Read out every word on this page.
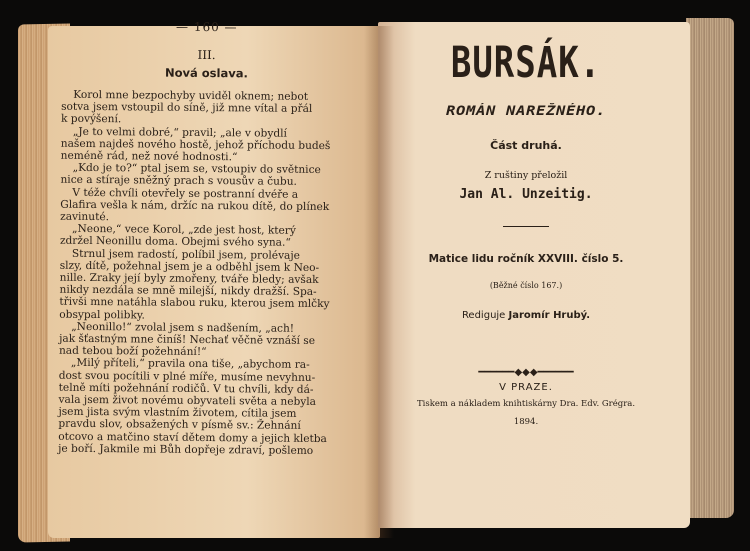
— 160 —
III.
Nová oslava.
Korol mne bezpochyby uviděl oknem; nebot
sotva jsem vstoupil do síně, již mne vítal a přál
k povýšení.
„Je to velmi dobré,“ pravil; „ale v obydlí
našem najdeš nového hostě, jehož příchodu budeš
neméně rád, než nové hodnosti.“
„Kdo je to?“ ptal jsem se, vstoupiv do světnice
nice a stíraje sněžný prach s vousův a čubu.
V téže chvíli otevřely se postranní dvéře a
Glafira vešla k nám, držíc na rukou dítě, do plínek
zavinuté.
„Neone,“ vece Korol, „zde jest host, který
zdržel Neonillu doma. Obejmi svého syna.“
Strnul jsem radostí, políbil jsem, prolévaje
slzy, dítě, požehnal jsem je a odběhl jsem k Neo-
nille. Zraky její byly zmořeny, tváře bledy; avšak
nikdy nezdála se mně milejší, nikdy dražší. Spa-
třivši mne natáhla slabou ruku, kterou jsem mlčky
obsypal polibky.
„Neonillo!“ zvolal jsem s nadšením, „ach!
jak šťastným mne činíš! Nechať věčně vznáší se
nad tebou boží požehnání!“
„Milý příteli,“ pravila ona tiše, „abychom ra-
dost svou pocítili v plné míře, musíme nevyhnu-
telně míti požehnání rodičů. V tu chvíli, kdy dá-
vala jsem život novému obyvateli světa a nebyla
jsem jista svým vlastním životem, cítila jsem
pravdu slov, obsažených v písmě sv.: Žehnání
otcovo a matčino staví dětem domy a jejich kletba
je boří. Jakmile mi Bůh dopřeje zdraví, pošlemo
BURSÁK.
ROMÁN NAREŽNÉHO.
Část druhá.
Z ruštiny přeložil
Jan Al. Unzeitig.
Matice lidu ročník XXVIII. číslo 5.
(Běžné číslo 167.)
Rediguje Jaromír Hrubý.
━━━━━━◆◆◆━━━━━━
V PRAZE.
Tiskem a nákladem knihtiskárny Dra. Edv. Grégra.
1894.
